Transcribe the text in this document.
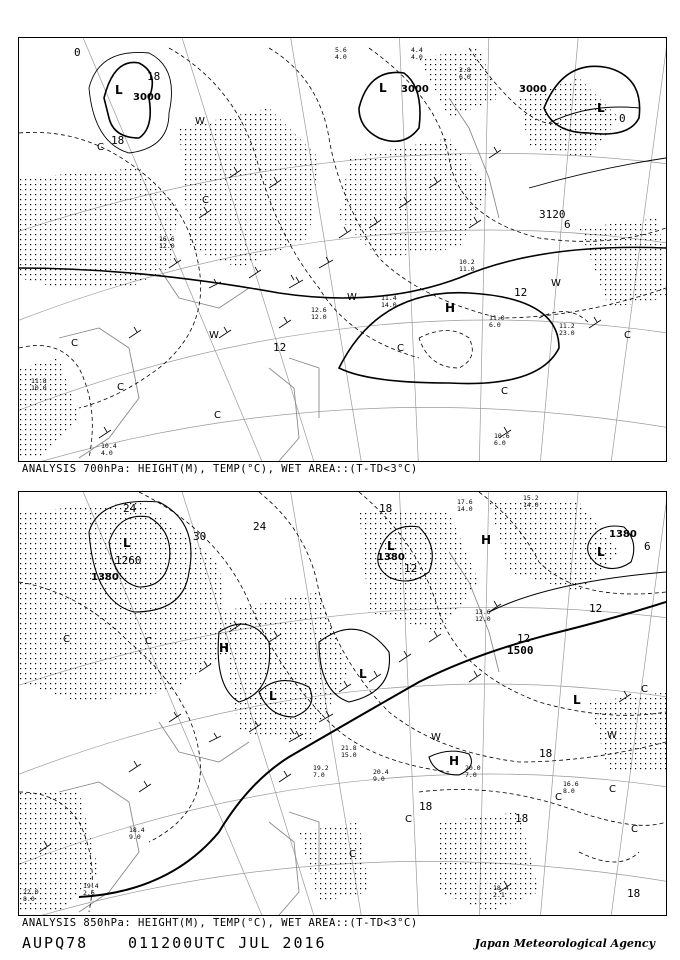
L
3000
L 3000
L
3000
H
3120
12
18
18
12
0
6
0
W
W
W
W
C
C
C
C
C
C
C
C
11.8 10.0
16.6 12.0
11.4 14.0
11.0 6.0	11.2 23.0
10.6 6.0
10.2 11.0
12.6 12.0
5.6 4.0
4.4 4.0
2.8 6.0
10.4 4.0
ANALYSIS 700hPa: HEIGHT(M), TEMP(°C), WET AREA::(T-TD<3°C)
L
1380
L
1380	L
1380
L
L
L
H
H
H
1500
1260
24
30
24
12
12
18
18
18
12
18
6
18
W	W
C
C
C
C
C
C
C
C
17.6 14.0
15.2 14.0
21.8 15.0
20.4 9.0
18.4 2.1
19.2 7.0
22.0 8.0
18.4 9.0
20.0 7.0
16.6 8.0
13.6 12.0
19.4 2.6
ANALYSIS 850hPa: HEIGHT(M), TEMP(°C), WET AREA::(T-TD<3°C)
AUPQ78	011200UTC JUL 2016	Japan Meteorological Agency
